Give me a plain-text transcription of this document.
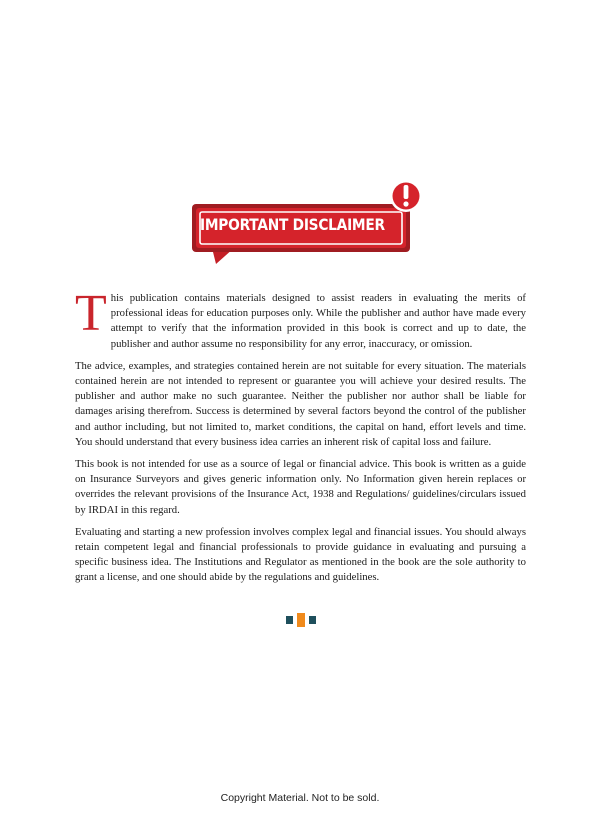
IMPORTANT DISCLAIMER

This publication contains materials designed to assist readers in evaluating the merits of professional ideas for education purposes only. While the publisher and author have made every attempt to verify that the information provided in this book is correct and up to date, the publisher and author assume no responsibility for any error, inaccuracy, or omission.

The advice, examples, and strategies contained herein are not suitable for every situation. The materials contained herein are not intended to represent or guarantee you will achieve your desired results. The publisher and author make no such guarantee. Neither the publisher nor author shall be liable for damages arising therefrom. Success is determined by several factors beyond the control of the publisher and author including, but not limited to, market conditions, the capital on hand, effort levels and time. You should understand that every business idea carries an inherent risk of capital loss and failure.

This book is not intended for use as a source of legal or financial advice. This book is written as a guide on Insurance Surveyors and gives generic information only. No Information given herein replaces or overrides the relevant provisions of the Insurance Act, 1938 and Regulations/ guidelines/circulars issued by IRDAI in this regard.

Evaluating and starting a new profession involves complex legal and financial issues. You should always retain competent legal and financial professionals to provide guidance in evaluating and pursuing a specific business idea. The Institutions and Regulator as mentioned in the book are the sole authority to grant a license, and one should abide by the regulations and guidelines.

Copyright Material. Not to be sold.
